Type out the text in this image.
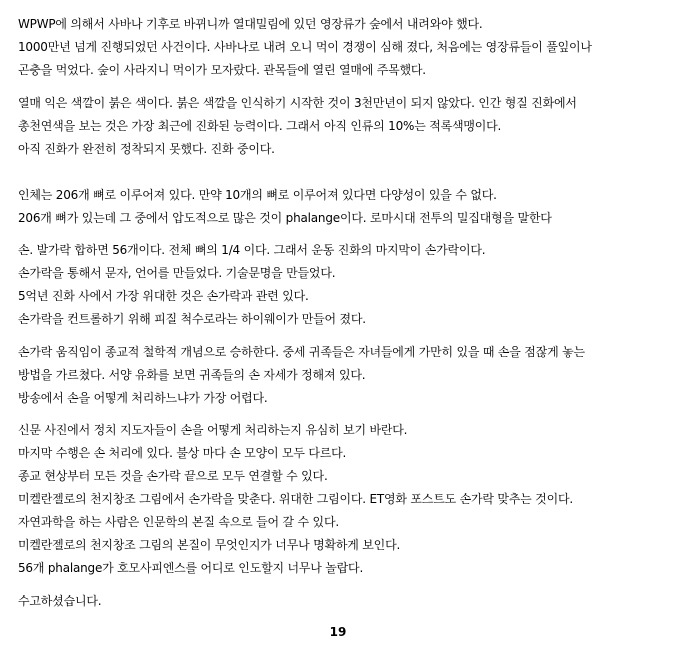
WPWP에 의해서 사바나 기후로 바뀌니까 열대밀림에 있던 영장류가 숲에서 내려와야 했다.
1000만년 넘게 진행되었던 사건이다. 사바나로 내려 오니 먹이 경쟁이 심해 졌다, 처음에는 영장류들이 풀잎이나
곤충을 먹었다. 숲이 사라지니 먹이가 모자랐다. 관목들에 열린 열매에 주목했다.
열매 익은 색깔이 붉은 색이다. 붉은 색깔을 인식하기 시작한 것이 3천만년이 되지 않았다. 인간 형질 진화에서
총천연색을 보는 것은 가장 최근에 진화된 능력이다. 그래서 아직 인류의 10%는 적록색맹이다.
아직 진화가 완전히 정착되지 못했다. 진화 중이다.
인체는 206개 뼈로 이루어져 있다. 만약 10개의 뼈로 이루어져 있다면 다양성이 있을 수 없다.
206개 뼈가 있는데 그 중에서 압도적으로 많은 것이 phalange이다. 로마시대 전투의 밀집대형을 말한다
손. 발가락 합하면 56개이다. 전체 뼈의 1/4 이다. 그래서 운동 진화의 마지막이 손가락이다.
손가락을 통해서 문자, 언어를 만들었다. 기술문명을 만들었다.
5억년 진화 사에서 가장 위대한 것은 손가락과 관련 있다.
손가락을 컨트롤하기 위해 피질 척수로라는 하이웨이가 만들어 졌다.
손가락 움직임이 종교적 철학적 개념으로 승하한다. 중세 귀족들은 자녀들에게 가만히 있을 때 손을 점잖게 놓는
방법을 가르쳤다. 서양 유화를 보면 귀족들의 손 자세가 정해져 있다.
방송에서 손을 어떻게 처리하느냐가 가장 어렵다.
신문 사진에서 정치 지도자들이 손을 어떻게 처리하는지 유심히 보기 바란다.
마지막 수행은 손 처리에 있다. 불상 마다 손 모양이 모두 다르다.
종교 현상부터 모든 것을 손가락 끝으로 모두 연결할 수 있다.
미켈란젤로의 천지창조 그림에서 손가락을 맞춘다. 위대한 그림이다. ET영화 포스트도 손가락 맞추는 것이다.
자연과학을 하는 사람은 인문학의 본질 속으로 들어 갈 수 있다.
미켈란젤로의 천지창조 그림의 본질이 무엇인지가 너무나 명확하게 보인다.
56개 phalange가 호모사피엔스를 어디로 인도할지 너무나 놀랍다.
수고하셨습니다.
19
